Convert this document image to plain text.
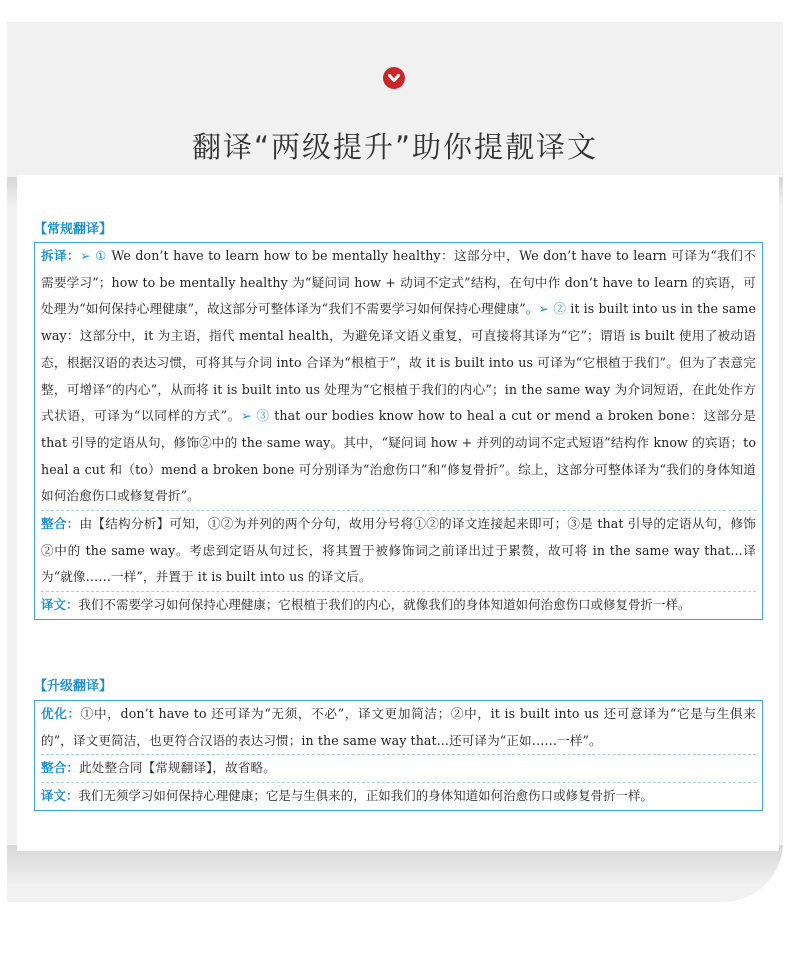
翻译“两级提升”助你提靓译文
【常规翻译】
拆译：➢ ① We don’t have to learn how to be mentally healthy：这部分中，We don’t have to learn 可译为“我们不需要学习”；how to be mentally healthy 为“疑问词 how + 动词不定式”结构，在句中作 don’t have to learn 的宾语，可处理为“如何保持心理健康”，故这部分可整体译为“我们不需要学习如何保持心理健康”。➢ ② it is built into us in the same way：这部分中，it 为主语，指代 mental health，为避免译文语义重复，可直接将其译为“它”；谓语 is built 使用了被动语态，根据汉语的表达习惯，可将其与介词 into 合译为“根植于”，故 it is built into us 可译为“它根植于我们”。但为了表意完整，可增译“的内心”，从而将 it is built into us 处理为“它根植于我们的内心”；in the same way 为介词短语，在此处作方式状语，可译为“以同样的方式”。➢ ③ that our bodies know how to heal a cut or mend a broken bone：这部分是 that 引导的定语从句，修饰②中的 the same way。其中，“疑问词 how + 并列的动词不定式短语”结构作 know 的宾语；to heal a cut 和（to）mend a broken bone 可分别译为“治愈伤口”和“修复骨折”。综上，这部分可整体译为“我们的身体知道如何治愈伤口或修复骨折”。
整合：由【结构分析】可知，①②为并列的两个分句，故用分号将①②的译文连接起来即可；③是 that 引导的定语从句，修饰②中的 the same way。考虑到定语从句过长，将其置于被修饰词之前译出过于累赘，故可将 in the same way that...译为“就像……一样”，并置于 it is built into us 的译文后。
译文：我们不需要学习如何保持心理健康；它根植于我们的内心，就像我们的身体知道如何治愈伤口或修复骨折一样。
【升级翻译】
优化：①中，don’t have to 还可译为“无须，不必”，译文更加简洁；②中，it is built into us 还可意译为“它是与生俱来的”，译文更简洁，也更符合汉语的表达习惯；in the same way that...还可译为“正如……一样”。
整合：此处整合同【常规翻译】，故省略。
译文：我们无须学习如何保持心理健康；它是与生俱来的，正如我们的身体知道如何治愈伤口或修复骨折一样。
